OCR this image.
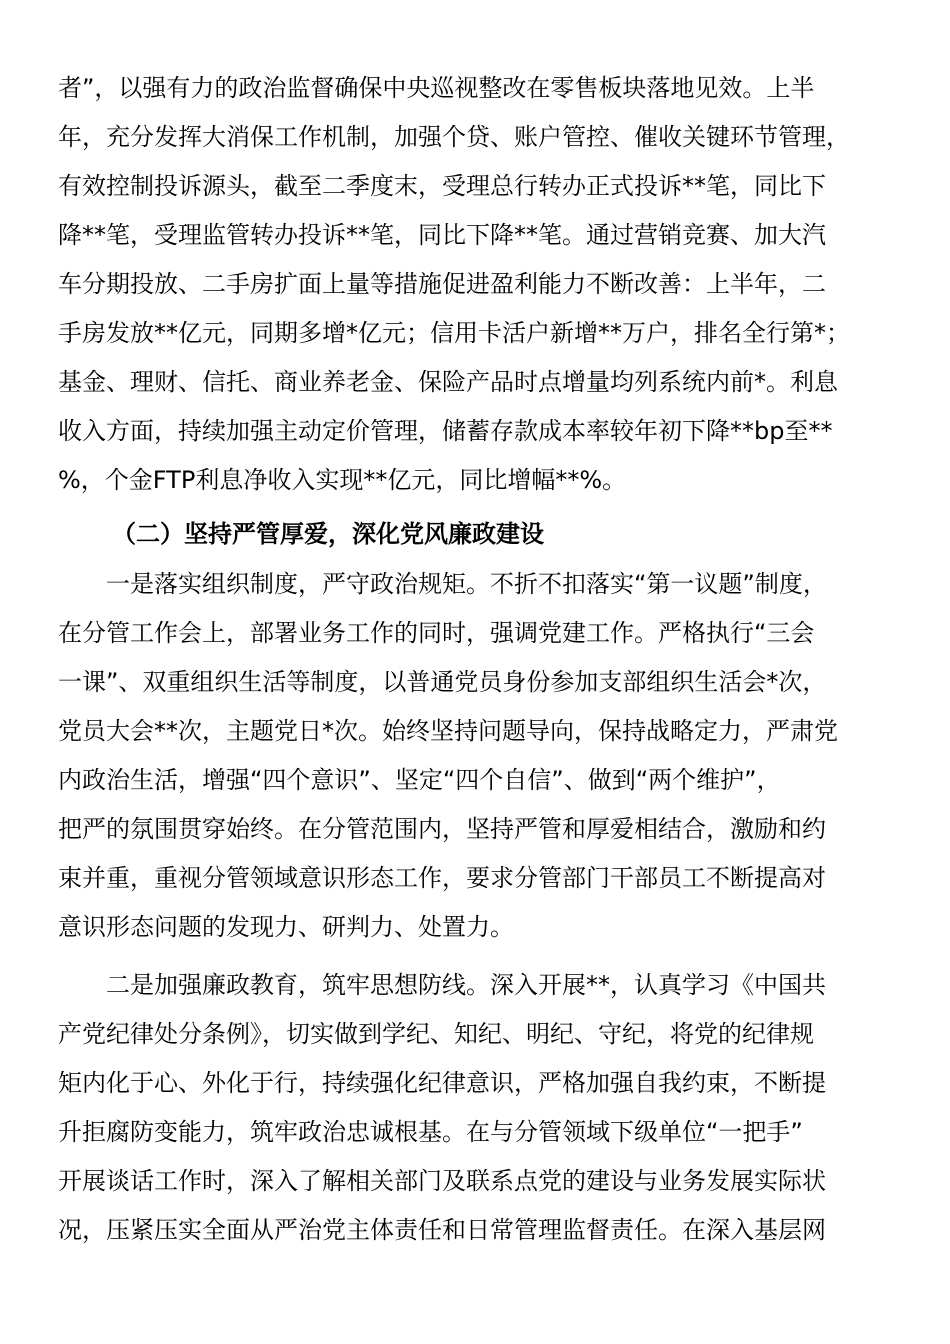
者”，以强有力的政治监督确保中央巡视整改在零售板块落地见效。上半
年，充分发挥大消保工作机制，加强个贷、账户管控、催收关键环节管理，
有效控制投诉源头，截至二季度末，受理总行转办正式投诉**笔，同比下
降**笔，受理监管转办投诉**笔，同比下降**笔。通过营销竞赛、加大汽
车分期投放、二手房扩面上量等措施促进盈利能力不断改善：上半年，二
手房发放**亿元，同期多增*亿元；信用卡活户新增**万户，排名全行第*；
基金、理财、信托、商业养老金、保险产品时点增量均列系统内前*。利息
收入方面，持续加强主动定价管理，储蓄存款成本率较年初下降**bp至**
%，个金FTP利息净收入实现**亿元，同比增幅**%。
（二）坚持严管厚爱，深化党风廉政建设
一是落实组织制度，严守政治规矩。不折不扣落实“第一议题”制度，
在分管工作会上，部署业务工作的同时，强调党建工作。严格执行“三会
一课”、双重组织生活等制度，以普通党员身份参加支部组织生活会*次，
党员大会**次，主题党日*次。始终坚持问题导向，保持战略定力，严肃党
内政治生活，增强“四个意识”、坚定“四个自信”、做到“两个维护”，
把严的氛围贯穿始终。在分管范围内，坚持严管和厚爱相结合，激励和约
束并重，重视分管领域意识形态工作，要求分管部门干部员工不断提高对
意识形态问题的发现力、研判力、处置力。
二是加强廉政教育，筑牢思想防线。深入开展**，认真学习《中国共
产党纪律处分条例》，切实做到学纪、知纪、明纪、守纪，将党的纪律规
矩内化于心、外化于行，持续强化纪律意识，严格加强自我约束，不断提
升拒腐防变能力，筑牢政治忠诚根基。在与分管领域下级单位“一把手”
开展谈话工作时，深入了解相关部门及联系点党的建设与业务发展实际状
况，压紧压实全面从严治党主体责任和日常管理监督责任。在深入基层网
